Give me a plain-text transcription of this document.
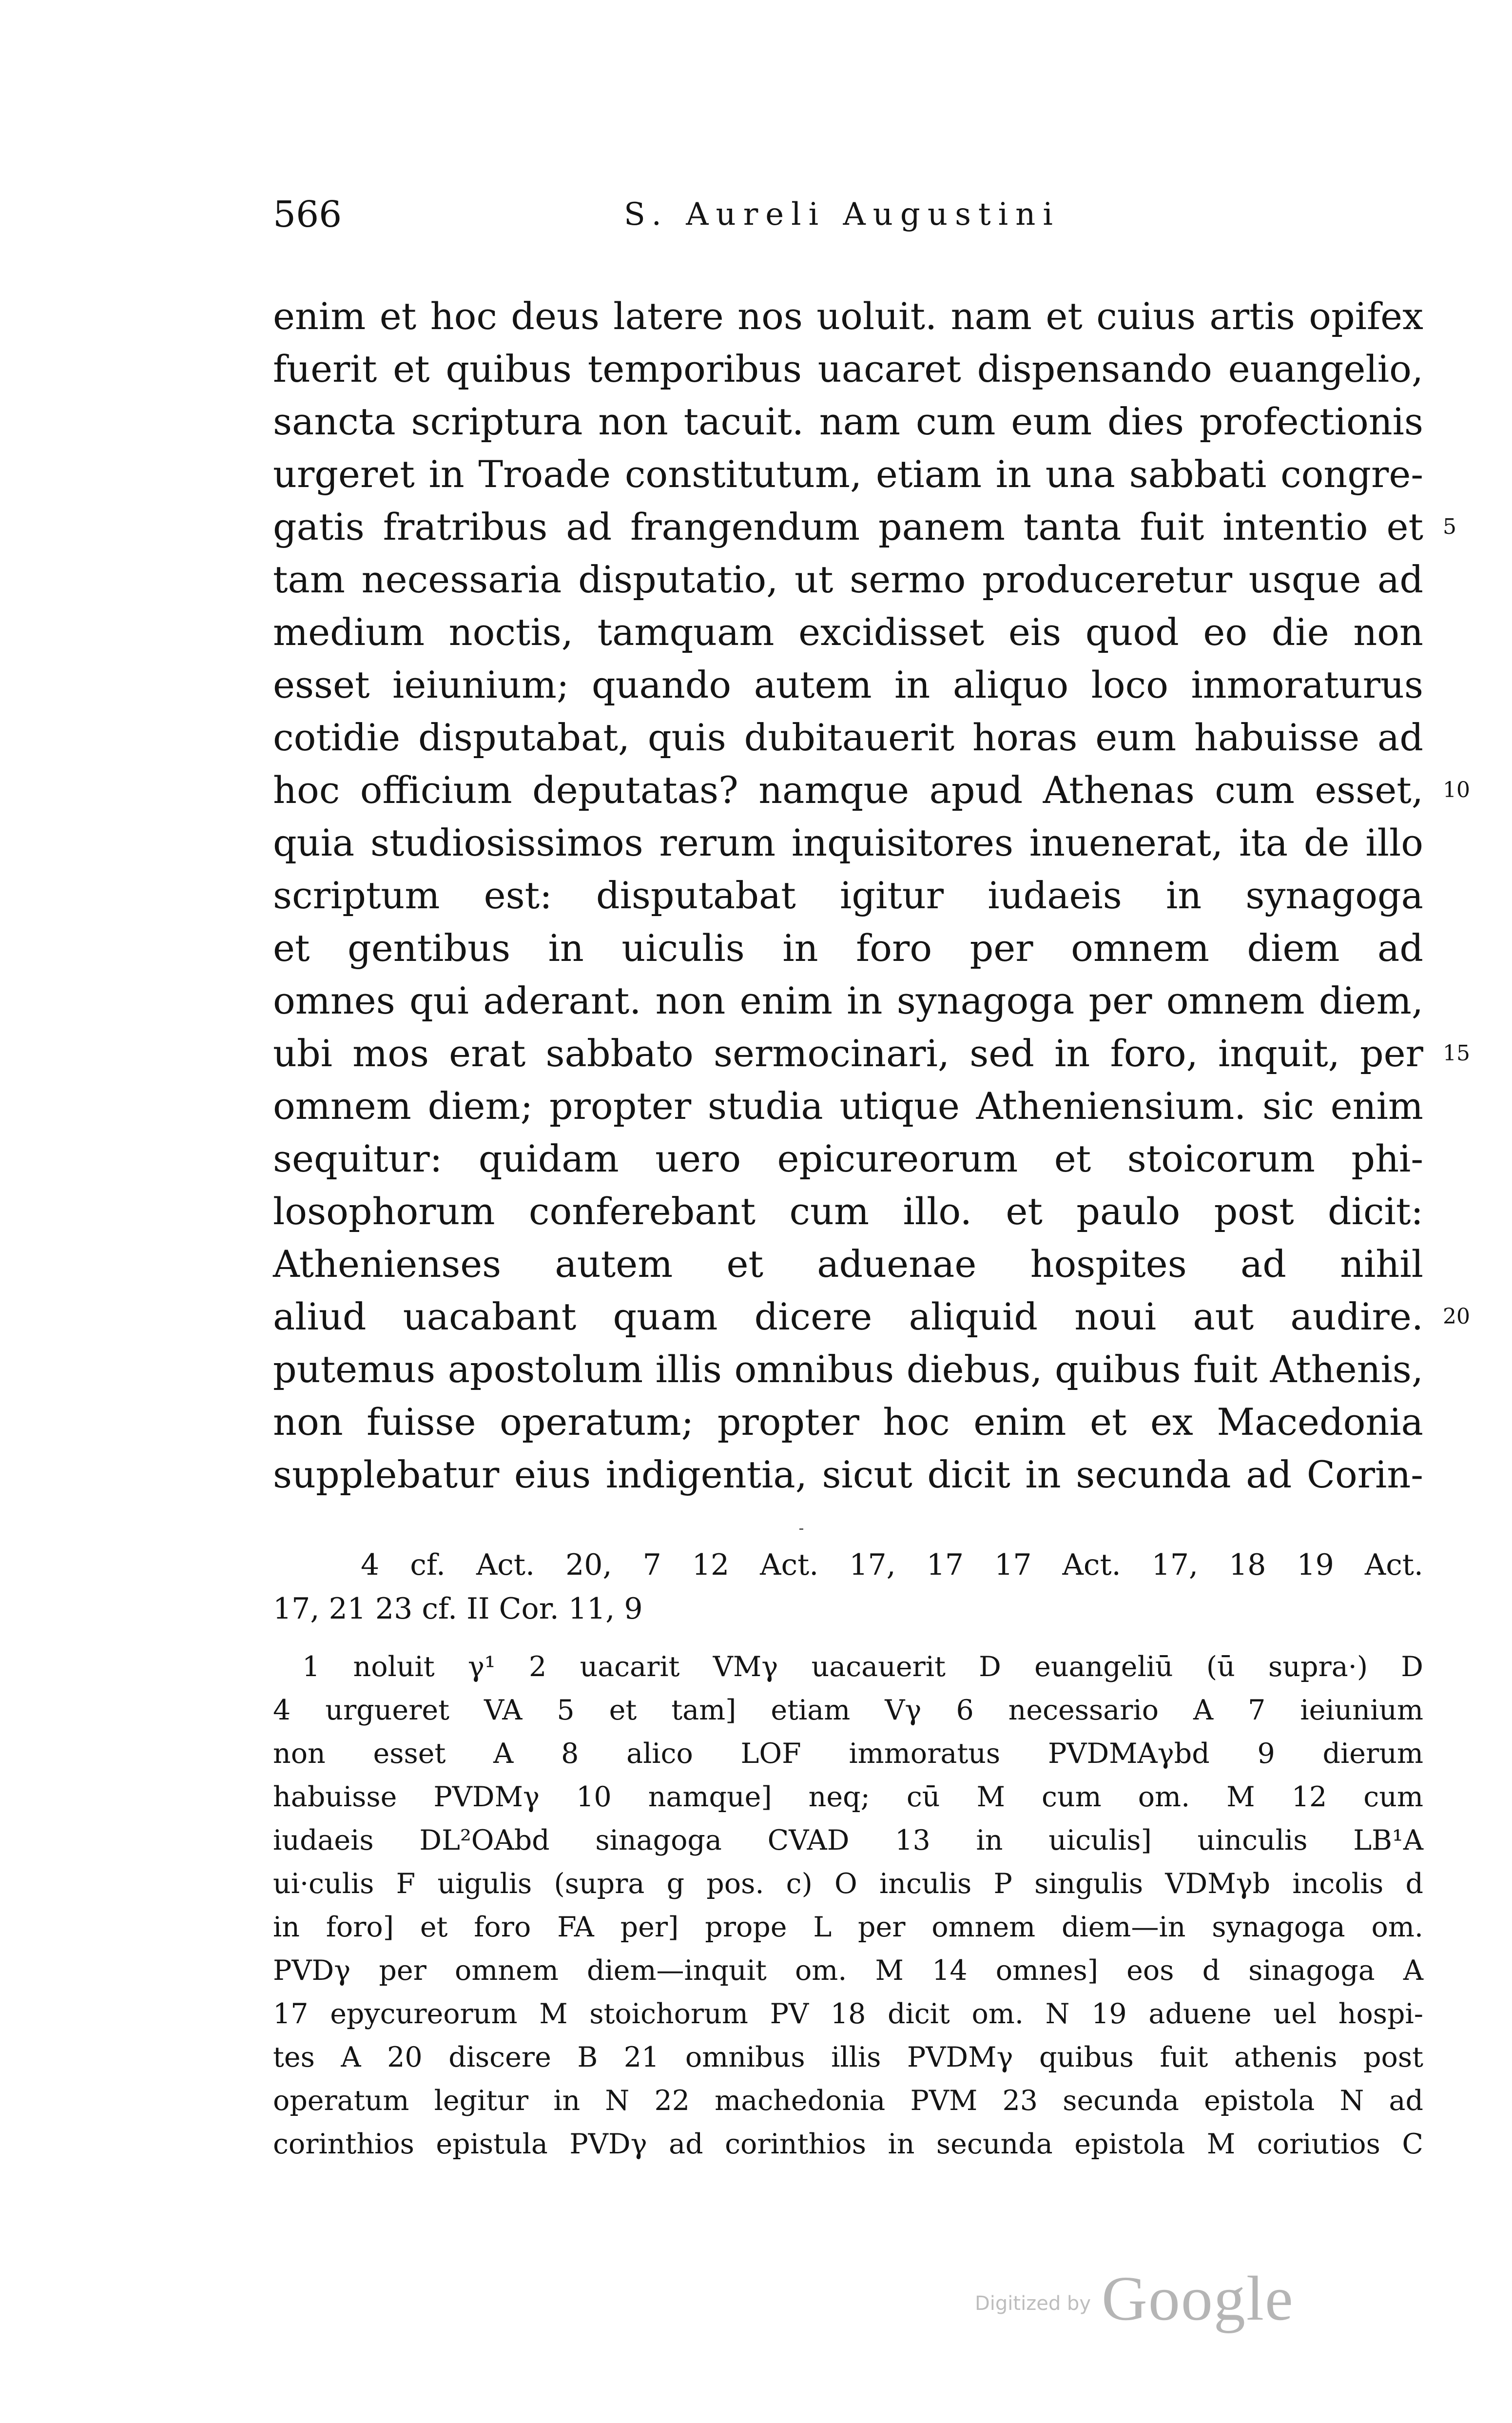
566	S. Aureli Augustini
enim et hoc deus latere nos uoluit. nam et cuius artis opifex
fuerit et quibus temporibus uacaret dispensando euangelio,
sancta scriptura non tacuit. nam cum eum dies profectionis
urgeret in Troade constitutum, etiam in una sabbati congre-
gatis fratribus ad frangendum panem tanta fuit intentio et 5
tam necessaria disputatio, ut sermo produceretur usque ad
medium noctis, tamquam excidisset eis quod eo die non
esset ieiunium; quando autem in aliquo loco inmoraturus
cotidie disputabat, quis dubitauerit horas eum habuisse ad
hoc officium deputatas? namque apud Athenas cum esset, 10
quia studiosissimos rerum inquisitores inuenerat, ita de illo
scriptum est: disputabat igitur iudaeis in synagoga
et gentibus in uiculis in foro per omnem diem ad
omnes qui aderant. non enim in synagoga per omnem diem,
ubi mos erat sabbato sermocinari, sed in foro, inquit, per 15
omnem diem; propter studia utique Atheniensium. sic enim
sequitur: quidam uero epicureorum et stoicorum phi-
losophorum conferebant cum illo. et paulo post dicit:
Athenienses autem et aduenae hospites ad nihil
aliud uacabant quam dicere aliquid noui aut audire. 20
putemus apostolum illis omnibus diebus, quibus fuit Athenis,
non fuisse operatum; propter hoc enim et ex Macedonia
supplebatur eius indigentia, sicut dicit in secunda ad Corin-
4 cf. Act. 20, 7 12 Act. 17, 17 17 Act. 17, 18 19 Act.
17, 21 23 cf. II Cor. 11, 9
1 noluit γ¹ 2 uacarit VMγ uacauerit D euangeliū (ū supra·) D
4 urgueret VA 5 et tam] etiam Vγ 6 necessario A 7 ieiunium
non esset A 8 alico LOF immoratus PVDMAγbd 9 dierum
habuisse PVDMγ 10 namque] neq; cū M cum om. M 12 cum
iudaeis DL²OAbd sinagoga CVAD 13 in uiculis] uinculis LB¹A
ui·culis F uigulis (supra g pos. c) O inculis P singulis VDMγb incolis d
in foro] et foro FA per] prope L per omnem diem—in synagoga om.
PVDγ per omnem diem—inquit om. M 14 omnes] eos d sinagoga A
17 epycureorum M stoichorum PV 18 dicit om. N 19 aduene uel hospi-
tes A 20 discere B 21 omnibus illis PVDMγ quibus fuit athenis post
operatum legitur in N 22 machedonia PVM 23 secunda epistola N ad
corinthios epistula PVDγ ad corinthios in secunda epistola M coriutios C
Digitized by Google
